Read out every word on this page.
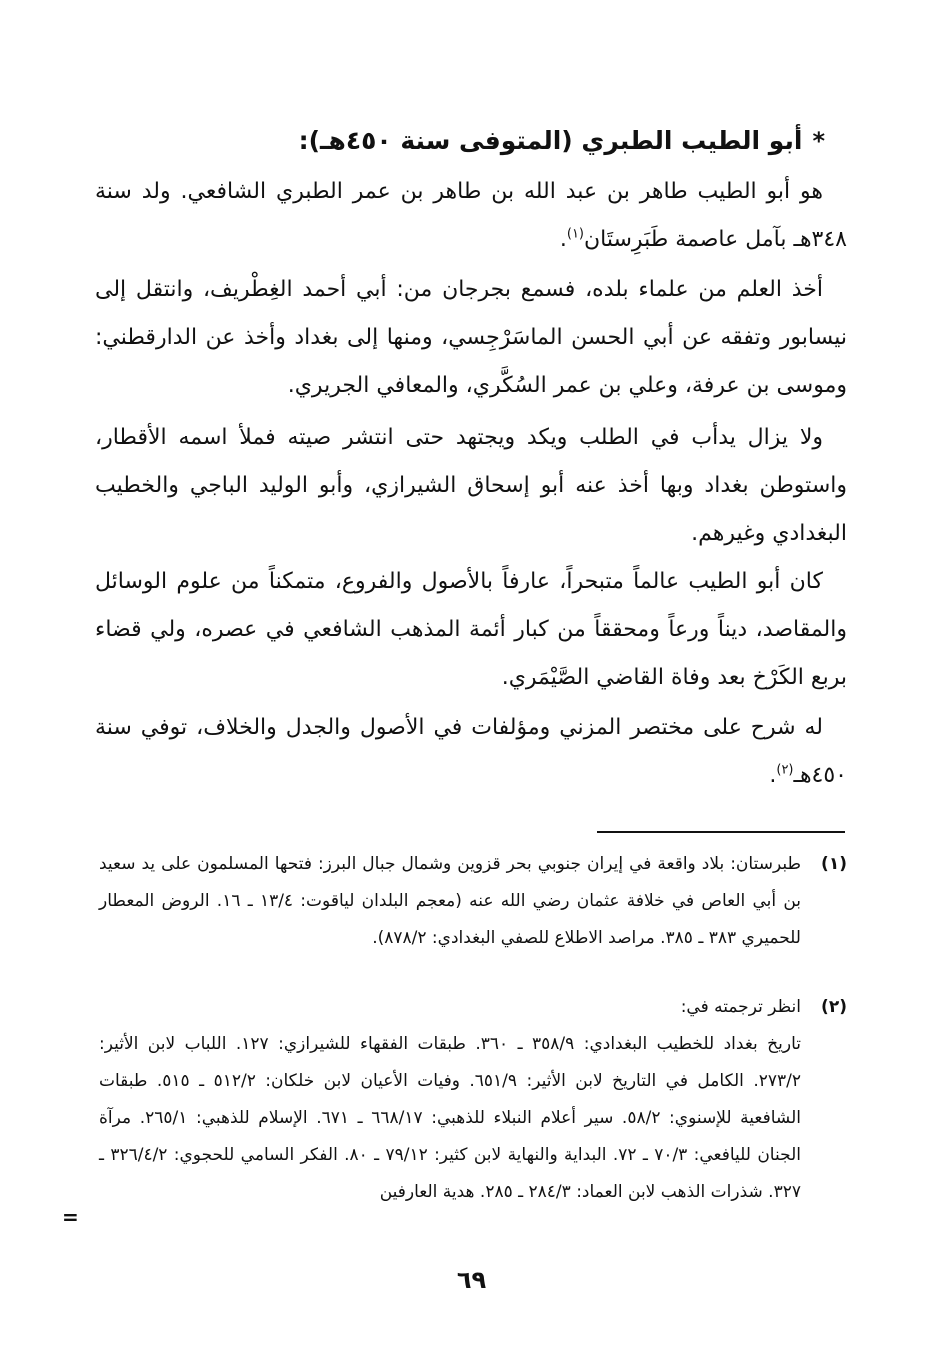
*أبو الطيب الطبري (المتوفى سنة ٤٥٠هـ):

هو أبو الطيب طاهر بن عبد الله بن طاهر بن عمر الطبري الشافعي. ولد سنة ٣٤٨هـ بآمل عاصمة طَبَرِستَان$^{(١)}$.

أخذ العلم من علماء بلده، فسمع بجرجان من: أبي أحمد الغِطْريف، وانتقل إلى نيسابور وتفقه عن أبي الحسن الماسَرْجِسي، ومنها إلى بغداد وأخذ عن الدارقطني: وموسى بن عرفة، وعلي بن عمر السُكَّري، والمعافي الجريري.

ولا يزال يدأب في الطلب ويكد ويجتهد حتى انتشر صيته فملأ اسمه الأقطار، واستوطن بغداد وبها أخذ عنه أبو إسحاق الشيرازي، وأبو الوليد الباجي والخطيب البغدادي وغيرهم.

كان أبو الطيب عالماً متبحراً، عارفاً بالأصول والفروع، متمكناً من علوم الوسائل والمقاصد، ديناً ورعاً ومحققاً من كبار أئمة المذهب الشافعي في عصره، ولي قضاء بربع الكَرْخ بعد وفاة القاضي الصَّيْمَري.

له شرح على مختصر المزني ومؤلفات في الأصول والجدل والخلاف، توفي سنة ٤٥٠هـ$^{(٢)}$.

(١)

طبرستان: بلاد واقعة في إيران جنوبي بحر قزوين وشمال جبال البرز: فتحها المسلمون على يد سعيد بن أبي العاص في خلافة عثمان رضي الله عنه (معجم البلدان لياقوت: ١٣/٤ ـ ١٦. الروض المعطار للحميري ٣٨٣ ـ ٣٨٥. مراصد الاطلاع للصفي البغدادي: ٨٧٨/٢).

(٢)

انظر ترجمته في:

تاريخ بغداد للخطيب البغدادي: ٣٥٨/٩ ـ ٣٦٠. طبقات الفقهاء للشيرازي: ١٢٧. اللباب لابن الأثير: ٢٧٣/٢. الكامل في التاريخ لابن الأثير: ٦٥١/٩. وفيات الأعيان لابن خلكان: ٥١٢/٢ ـ ٥١٥. طبقات الشافعية للإسنوي: ٥٨/٢. سير أعلام النبلاء للذهبي: ٦٦٨/١٧ ـ ٦٧١. الإسلام للذهبي: ٢٦٥/١. مرآة الجنان لليافعي: ٧٠/٣ ـ ٧٢. البداية والنهاية لابن كثير: ٧٩/١٢ ـ ٨٠. الفكر السامي للحجوي: ٣٢٦/٤/٢ ـ ٣٢٧. شذرات الذهب لابن العماد: ٢٨٤/٣ ـ ٢٨٥. هدية العارفين

=
٦٩
